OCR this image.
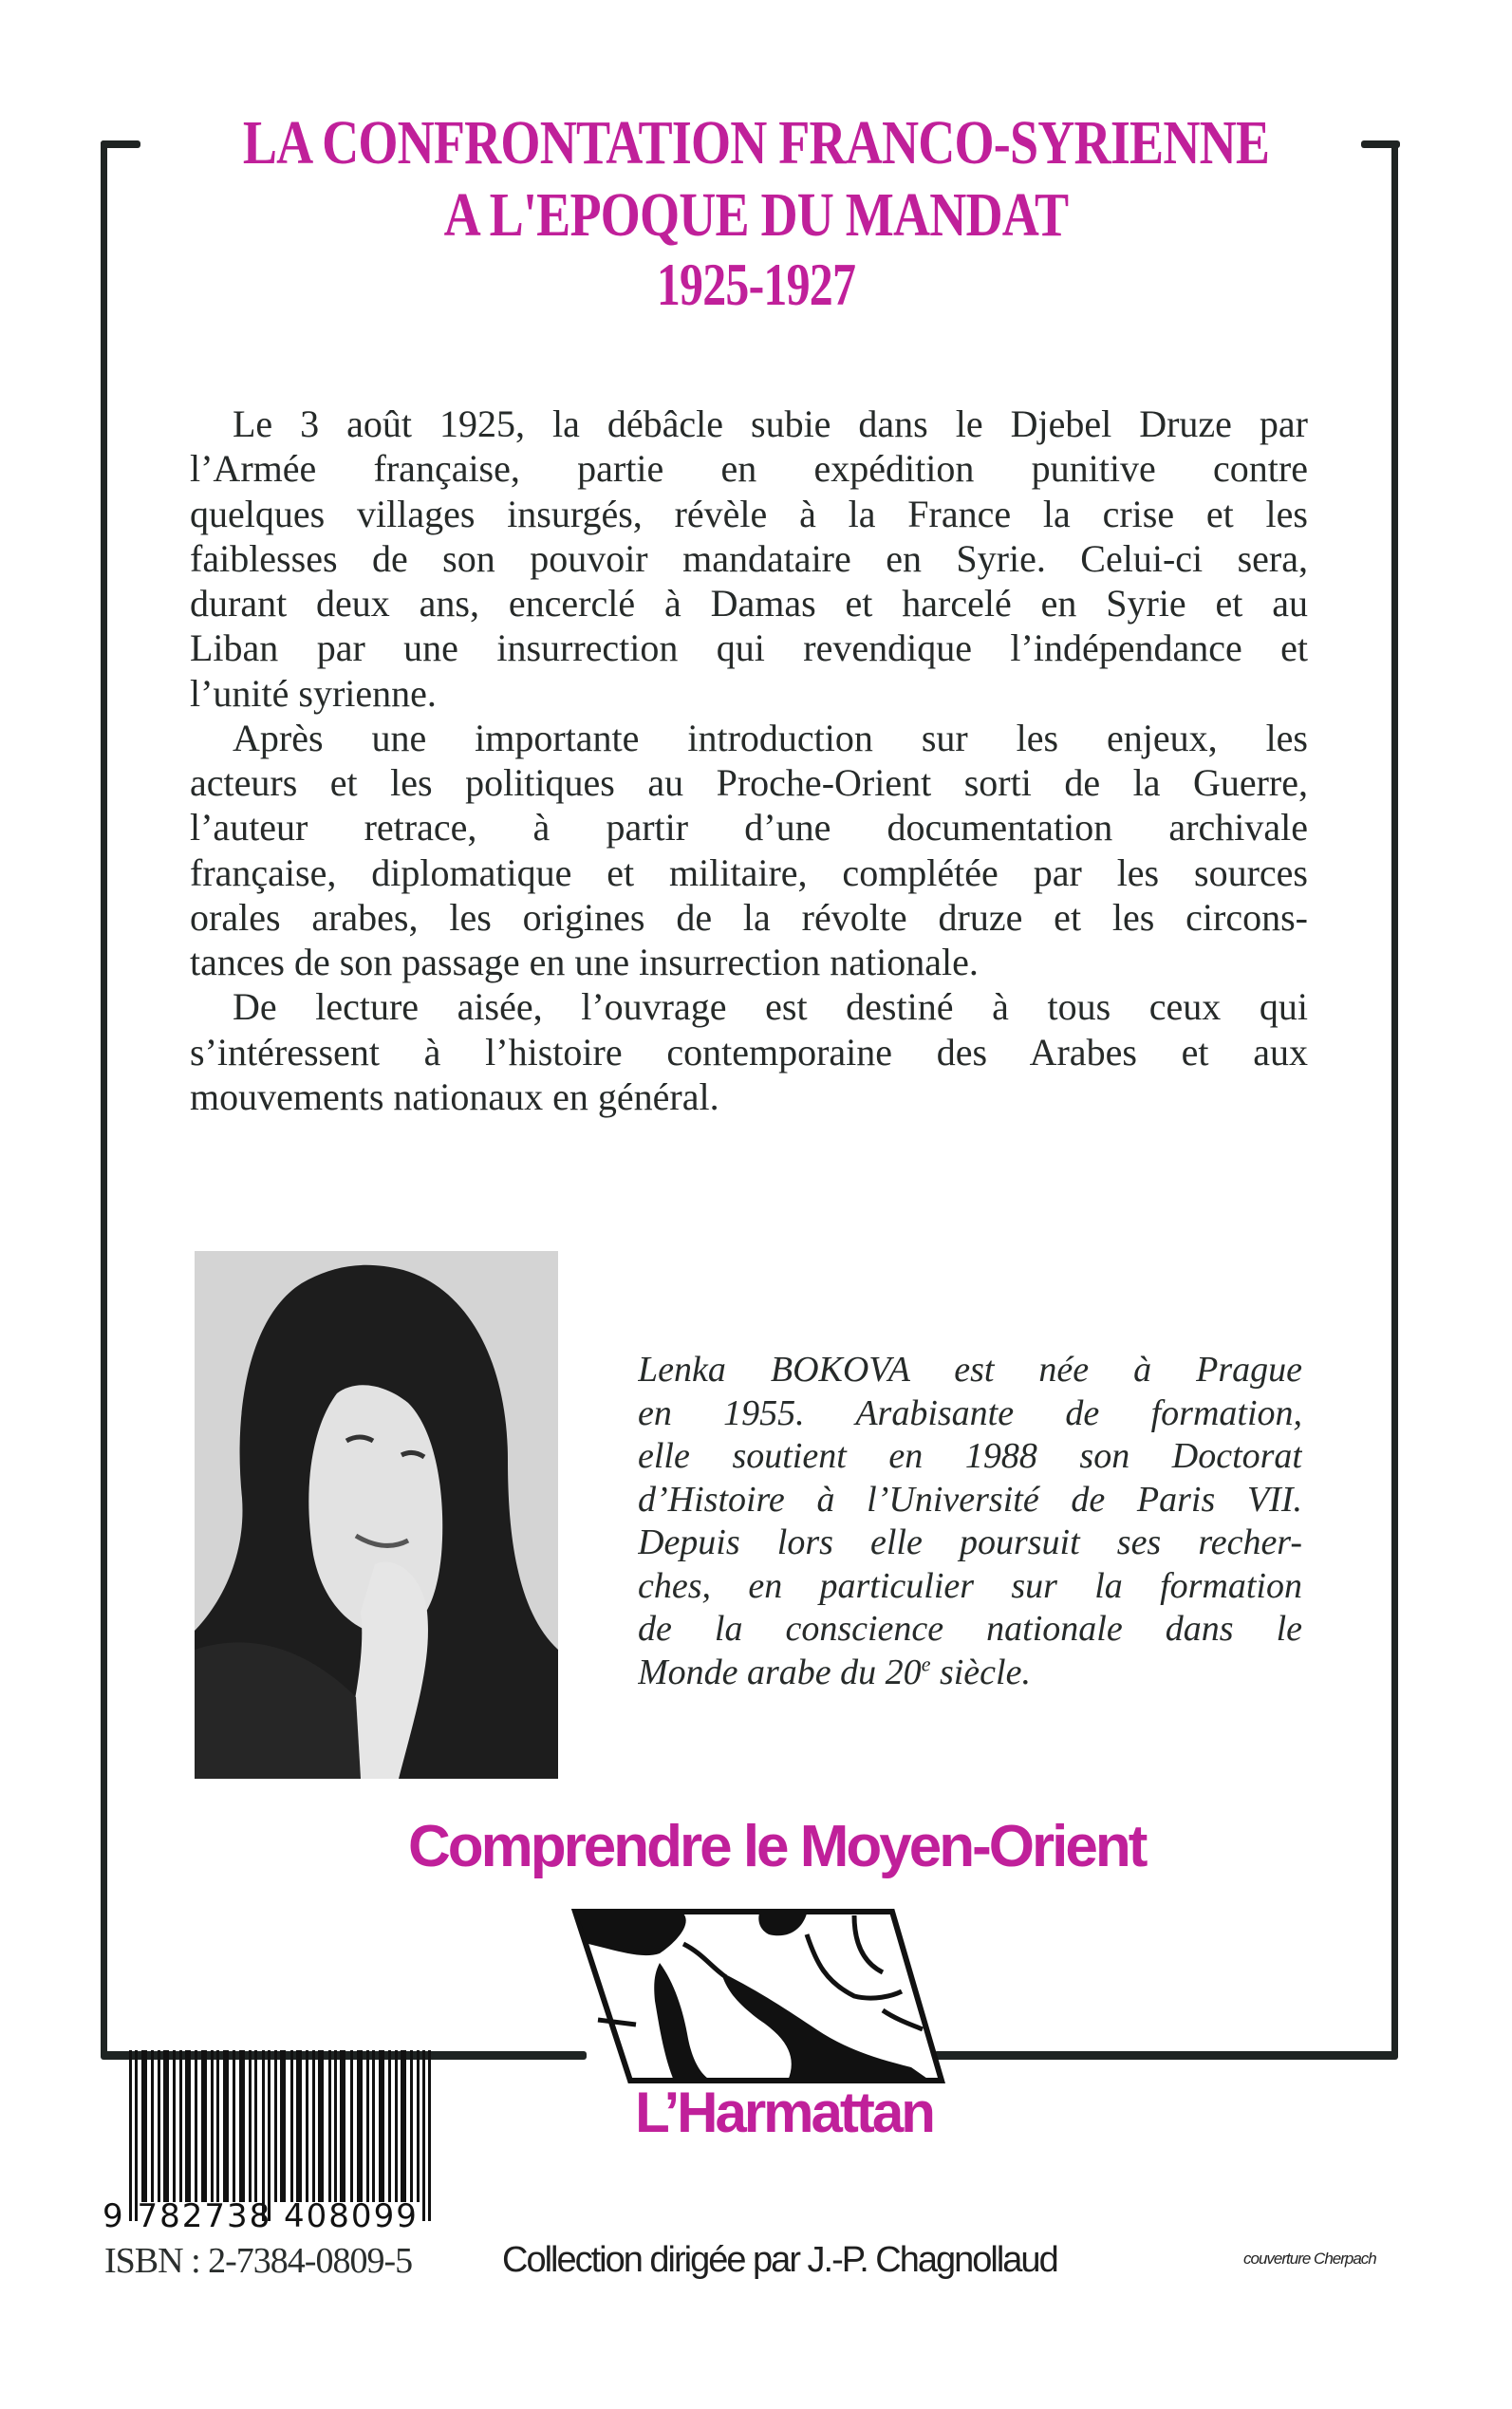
LA CONFRONTATION FRANCO-SYRIENNE
A L'EPOQUE DU MANDAT
1925-1927
Le 3 août 1925, la débâcle subie dans le Djebel Druze par
l’Armée française, partie en expédition punitive contre
quelques villages insurgés, révèle à la France la crise et les
faiblesses de son pouvoir mandataire en Syrie. Celui-ci sera,
durant deux ans, encerclé à Damas et harcelé en Syrie et au
Liban par une insurrection qui revendique l’indépendance et
l’unité syrienne.
Après une importante introduction sur les enjeux, les
acteurs et les politiques au Proche-Orient sorti de la Guerre,
l’auteur retrace, à partir d’une documentation archivale
française, diplomatique et militaire, complétée par les sources
orales arabes, les origines de la révolte druze et les circons-
tances de son passage en une insurrection nationale.
De lecture aisée, l’ouvrage est destiné à tous ceux qui
s’intéressent à l’histoire contemporaine des Arabes et aux
mouvements nationaux en général.
Lenka BOKOVA est née à Prague
en 1955. Arabisante de formation,
elle soutient en 1988 son Doctorat
d’Histoire à l’Université de Paris VII.
Depuis lors elle poursuit ses recher-
ches, en particulier sur la formation
de la conscience nationale dans le
Monde arabe du 20e siècle.
Comprendre le Moyen-Orient
L’Harmattan
9 782738 408099
ISBN : 2-7384-0809-5 Collection dirigée par J.-P. Chagnollaud	couverture Cherpach
